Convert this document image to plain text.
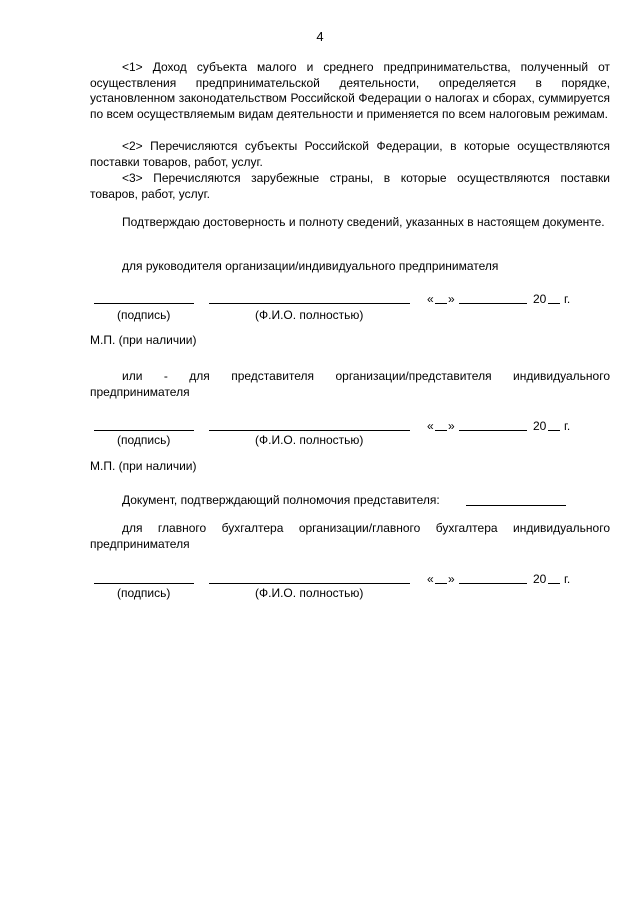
4
<1> Доход субъекта малого и среднего предпринимательства, полученный от осуществления предпринимательской деятельности, определяется в порядке, установленном законодательством Российской Федерации о налогах и сборах, суммируется по всем осуществляемым видам деятельности и применяется по всем налоговым режимам.
<2> Перечисляются субъекты Российской Федерации, в которые осуществляются поставки товаров, работ, услуг.
<3> Перечисляются зарубежные страны, в которые осуществляются поставки товаров, работ, услуг.
Подтверждаю достоверность и полноту сведений, указанных в настоящем документе.
для руководителя организации/индивидуального предпринимателя
« »	20 г.
(подпись)	(Ф.И.О. полностью)
М.П. (при наличии)
или - для представителя организации/представителя индивидуального предпринимателя
« »	20 г.
(подпись)	(Ф.И.О. полностью)
М.П. (при наличии)
Документ, подтверждающий полномочия представителя:
для главного бухгалтера организации/главного бухгалтера индивидуального предпринимателя
« »	20 г.
(подпись)	(Ф.И.О. полностью)
